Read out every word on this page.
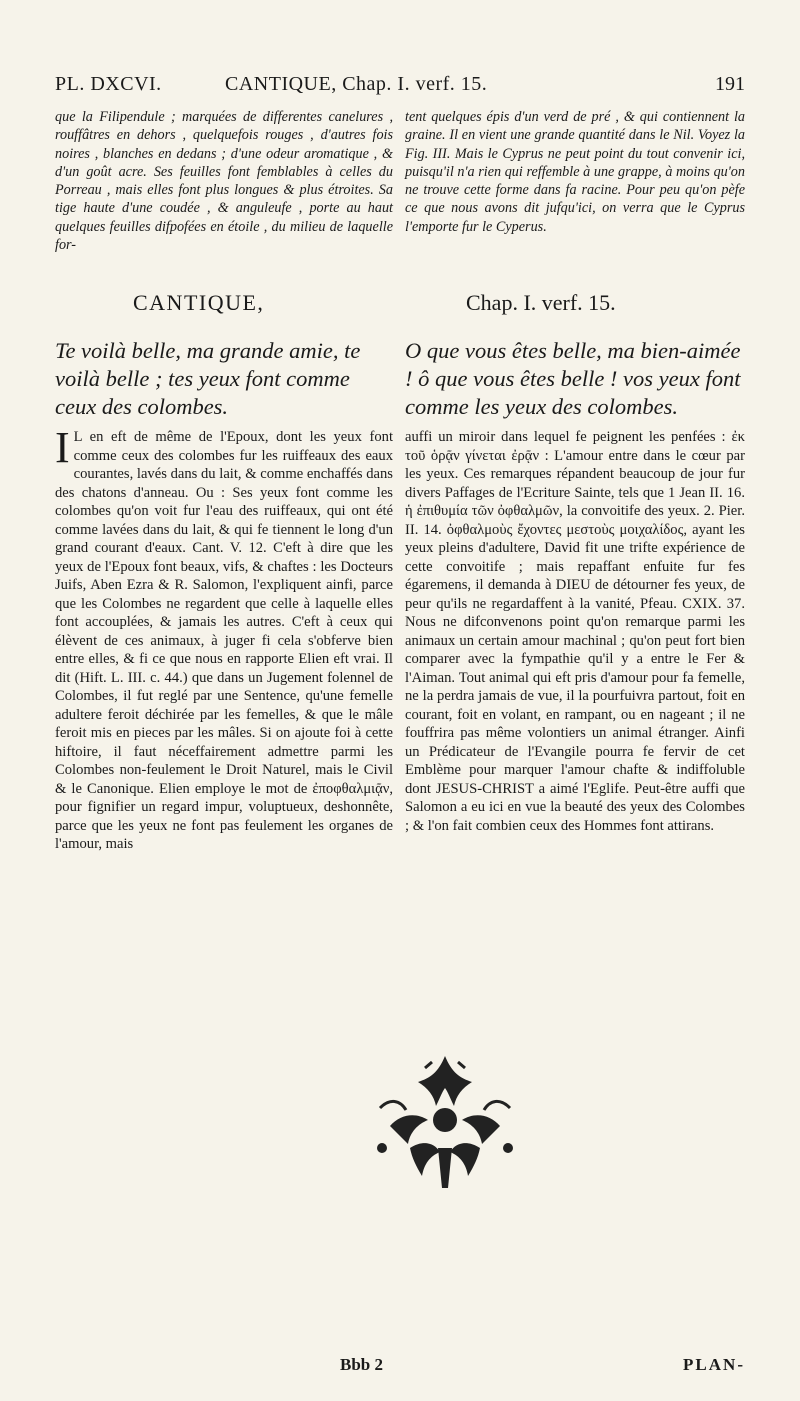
PL. DXCVI.	CANTIQUE, Chap. I. verf. 15.	191

que la Filipendule ; marquées de differentes canelures , rouffâtres en dehors , quelquefois rouges , d'autres fois noires , blanches en dedans ; d'une odeur aromatique , & d'un goût acre. Ses feuilles font femblables à celles du Porreau , mais elles font plus longues & plus étroites. Sa tige haute d'une coudée , & anguleufe , porte au haut quelques feuilles difpofées en étoile , du milieu de laquelle for-

tent quelques épis d'un verd de pré , & qui contiennent la graine. Il en vient une grande quantité dans le Nil. Voyez la Fig. III. Mais le Cyprus ne peut point du tout convenir ici, puisqu'il n'a rien qui reffemble à une grappe, à moins qu'on ne trouve cette forme dans fa racine. Pour peu qu'on pèfe ce que nous avons dit jufqu'ici, on verra que le Cyprus l'emporte fur le Cyperus.

CANTIQUE,	Chap. I. verf. 15.
Te voilà belle, ma grande amie, te voilà belle ; tes yeux font comme ceux des colombes.
O que vous êtes belle, ma bien-aimée ! ô que vous êtes belle ! vos yeux font comme les yeux des colombes.
I L en eft de même de l'Epoux, dont les yeux font comme ceux des colombes fur les ruiffeaux des eaux courantes, lavés dans du lait, & comme enchaffés dans des chatons d'anneau. Ou : Ses yeux font comme les colombes qu'on voit fur l'eau des ruiffeaux, qui ont été comme lavées dans du lait, & qui fe tiennent le long d'un grand courant d'eaux. Cant. V. 12. C'eft à dire que les yeux de l'Epoux font beaux, vifs, & chaftes : les Docteurs Juifs, Aben Ezra & R. Salomon, l'expliquent ainfi, parce que les Colombes ne regardent que celle à laquelle elles font accouplées, & jamais les autres. C'eft à ceux qui élèvent de ces animaux, à juger fi cela s'obferve bien entre elles, & fi ce que nous en rapporte Elien eft vrai. Il dit (Hift. L. III. c. 44.) que dans un Jugement folennel de Colombes, il fut reglé par une Sentence, qu'une femelle adultere feroit déchirée par les femelles, & que le mâle feroit mis en pieces par les mâles. Si on ajoute foi à cette hiftoire, il faut néceffairement admettre parmi les Colombes non-feulement le Droit Naturel, mais le Civil & le Canonique. Elien employe le mot de ἐποφθαλμιᾷν, pour fignifier un regard impur, voluptueux, deshonnête, parce que les yeux ne font pas feulement les organes de l'amour, mais
auffi un miroir dans lequel fe peignent les penfées : ἐκ τοῦ ὁρᾷν γίνεται ἐρᾷν : L'amour entre dans le cœur par les yeux. Ces remarques répandent beaucoup de jour fur divers Paffages de l'Ecriture Sainte, tels que 1 Jean II. 16. ἡ ἐπιθυμία τῶν ὀφθαλμῶν, la convoitife des yeux. 2. Pier. II. 14. ὀφθαλμοὺς ἔχοντες μεστοὺς μοιχαλίδος, ayant les yeux pleins d'adultere, David fit une trifte expérience de cette convoitife ; mais repaffant enfuite fur fes égaremens, il demanda à DIEU de détourner fes yeux, de peur qu'ils ne regardaffent à la vanité, Pfeau. CXIX. 37. Nous ne difconvenons point qu'on remarque parmi les animaux un certain amour machinal ; qu'on peut fort bien comparer avec la fympathie qu'il y a entre le Fer & l'Aiman. Tout animal qui eft pris d'amour pour fa femelle, ne la perdra jamais de vue, il la pourfuivra partout, foit en courant, foit en volant, en rampant, ou en nageant ; il ne fouffrira pas même volontiers un animal étranger. Ainfi un Prédicateur de l'Evangile pourra fe fervir de cet Emblème pour marquer l'amour chafte & indiffoluble dont JESUS-CHRIST a aimé l'Eglife. Peut-être auffi que Salomon a eu ici en vue la beauté des yeux des Colombes ; & l'on fait combien ceux des Hommes font attirans.
Bbb 2	PLAN-
